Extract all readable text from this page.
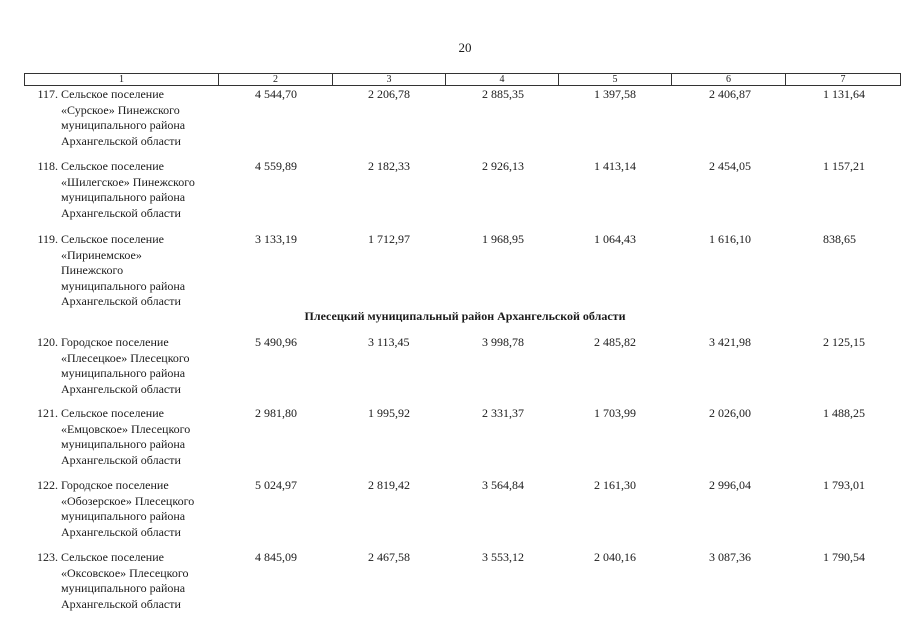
20
1	2	3	4	5	6	7
117. Сельское поселение
«Сурское» Пинежского
муниципального района
Архангельской области
4 544,70	2 206,78	2 885,35	1 397,58	2 406,87	1 131,64
118. Сельское поселение
«Шилегское» Пинежского
муниципального района
Архангельской области
4 559,89	2 182,33	2 926,13	1 413,14	2 454,05	1 157,21
119. Сельское поселение
«Пиринемское»
Пинежского
муниципального района
Архангельской области
3 133,19	1 712,97	1 968,95	1 064,43	1 616,10	838,65
Плесецкий муниципальный район Архангельской области
120. Городское поселение
«Плесецкое» Плесецкого
муниципального района
Архангельской области
5 490,96	3 113,45	3 998,78	2 485,82	3 421,98	2 125,15
121. Сельское поселение
«Емцовское» Плесецкого
муниципального района
Архангельской области
2 981,80	1 995,92	2 331,37	1 703,99	2 026,00	1 488,25
122. Городское поселение
«Обозерское» Плесецкого
муниципального района
Архангельской области
5 024,97	2 819,42	3 564,84	2 161,30	2 996,04	1 793,01
123. Сельское поселение
«Оксовское» Плесецкого
муниципального района
Архангельской области
4 845,09	2 467,58	3 553,12	2 040,16	3 087,36	1 790,54
